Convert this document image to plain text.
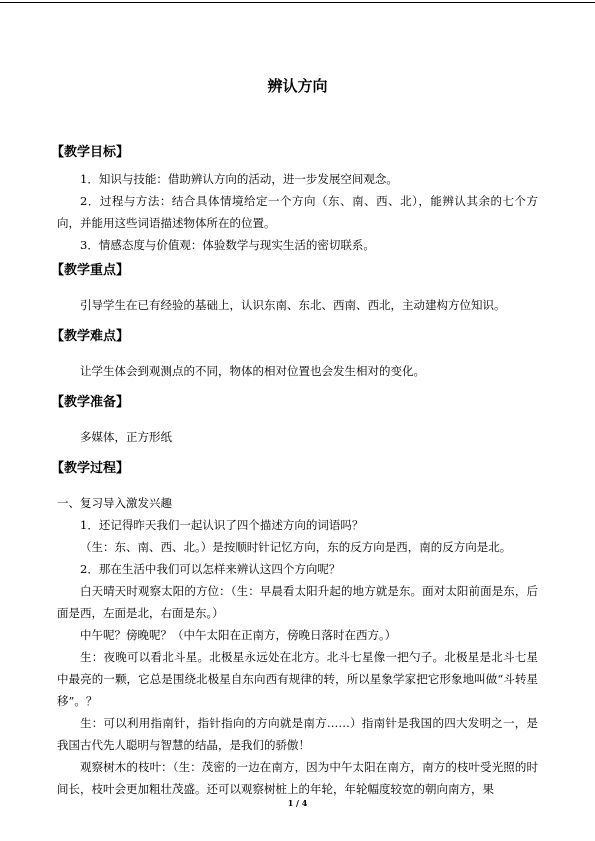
辨认方向
【教学目标】

1．知识与技能：借助辨认方向的活动，进一步发展空间观念。

2．过程与方法：结合具体情境给定一个方向（东、南、西、北），能辨认其余的七个方向，并能用这些词语描述物体所在的位置。

3．情感态度与价值观：体验数学与现实生活的密切联系。

【教学重点】

引导学生在已有经验的基础上，认识东南、东北、西南、西北，主动建构方位知识。

【教学难点】

让学生体会到观测点的不同，物体的相对位置也会发生相对的变化。

【教学准备】

多媒体，正方形纸

【教学过程】

一、复习导入激发兴趣

1．还记得昨天我们一起认识了四个描述方向的词语吗？

（生：东、南、西、北。）是按顺时针记忆方向，东的反方向是西，南的反方向是北。

2．那在生活中我们可以怎样来辨认这四个方向呢？

白天晴天时观察太阳的方位：（生：早晨看太阳升起的地方就是东。面对太阳前面是东，后面是西，左面是北，右面是东。）

中午呢？傍晚呢？（中午太阳在正南方，傍晚日落时在西方。）

生：夜晚可以看北斗星。北极星永远处在北方。北斗七星像一把勺子。北极星是北斗七星中最亮的一颗，它总是围绕北极星自东向西有规律的转，所以星象学家把它形象地叫做“斗转星移”。？

生：可以利用指南针，指针指向的方向就是南方……）指南针是我国的四大发明之一，是我国古代先人聪明与智慧的结晶，是我们的骄傲！

观察树木的枝叶：（生：茂密的一边在南方，因为中午太阳在南方，南方的枝叶受光照的时间长，枝叶会更加粗壮茂盛。还可以观察树桩上的年轮，年轮幅度较宽的朝向南方，果

1 / 4
